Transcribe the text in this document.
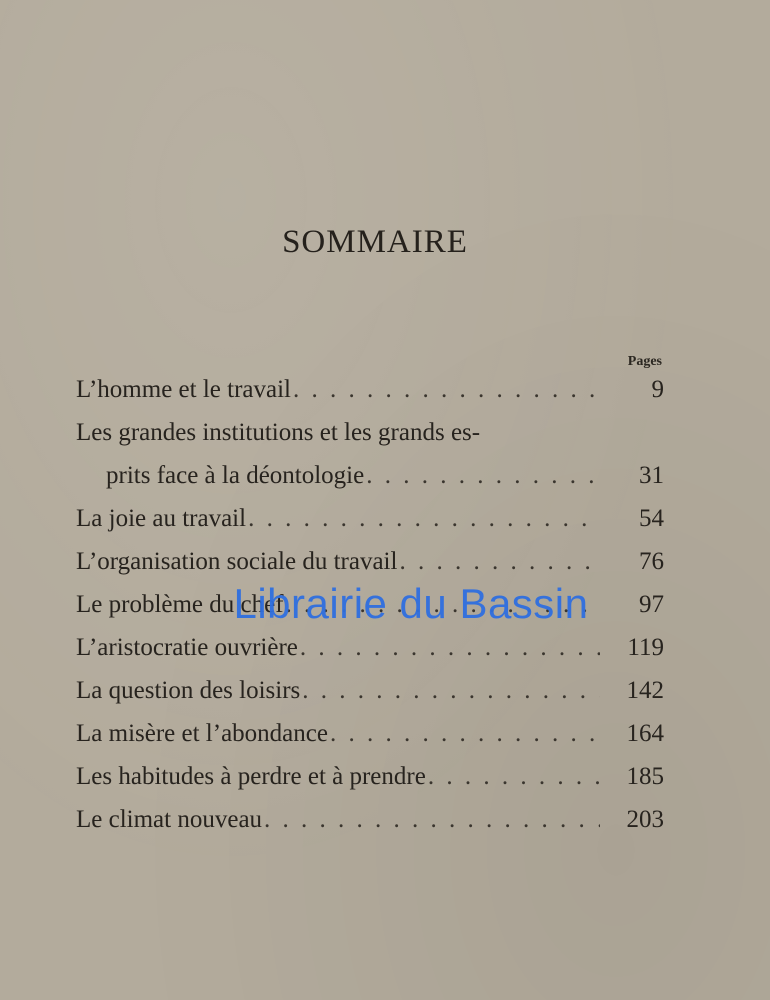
SOMMAIRE
Pages
L’homme et le travail . . .	9
Les grandes institutions et les grands es-
prits face à la déontologie . . .	31
La joie au travail . . .	54
L’organisation sociale du travail . . .	76
Le problème du chef . . .	97
L’aristocratie ouvrière . . .	119
La question des loisirs . . .	142
La misère et l’abondance . . .	164
Les habitudes à perdre et à prendre . . .	185
Le climat nouveau . . .	203
Librairie du Bassin
